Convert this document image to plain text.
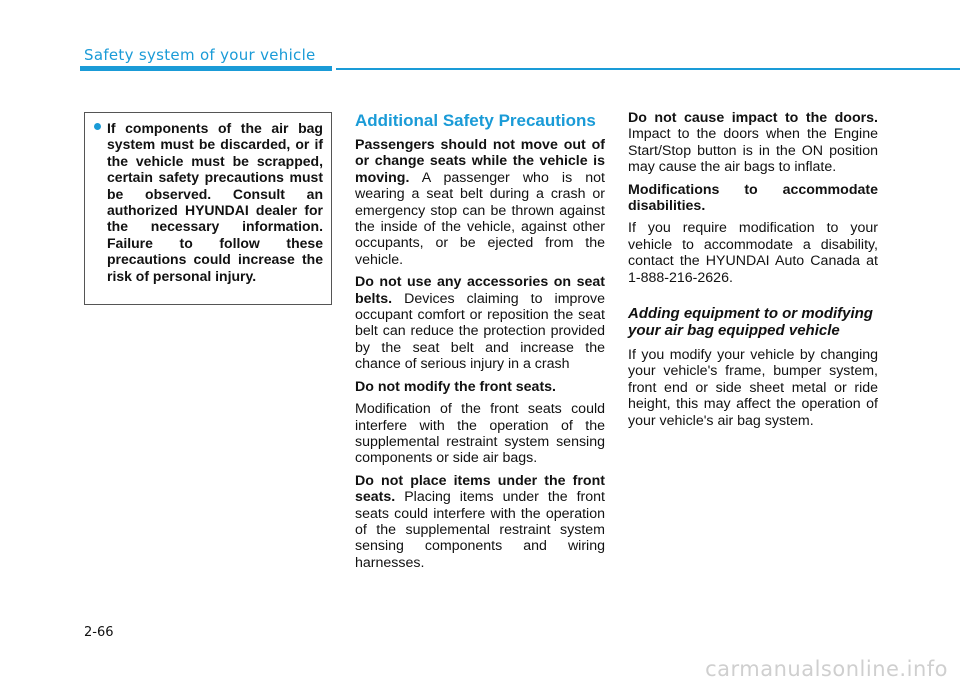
Safety system of your vehicle
If components of the air bag system must be discarded, or if the vehicle must be scrapped, certain safety precautions must be observed. Consult an authorized HYUNDAI dealer for the necessary information. Failure to follow these precautions could increase the risk of personal injury.
Additional Safety Precautions

Passengers should not move out of or change seats while the vehicle is moving. A passenger who is not wearing a seat belt during a crash or emergency stop can be thrown against the inside of the vehicle, against other occupants, or be ejected from the vehicle.

Do not use any accessories on seat belts. Devices claiming to improve occupant comfort or reposition the seat belt can reduce the protection provided by the seat belt and increase the chance of serious injury in a crash

Do not modify the front seats.

Modification of the front seats could interfere with the operation of the supplemental restraint system sensing components or side air bags.

Do not place items under the front seats. Placing items under the front seats could interfere with the operation of the supplemental restraint system sensing components and wiring harnesses.

Do not cause impact to the doors. Impact to the doors when the Engine Start/Stop button is in the ON position may cause the air bags to inflate.

Modifications to accommodate disabilities.

If you require modification to your vehicle to accommodate a disability, contact the HYUNDAI Auto Canada at 1-888-216-2626.

Adding equipment to or modifying your air bag equipped vehicle

If you modify your vehicle by changing your vehicle's frame, bumper system, front end or side sheet metal or ride height, this may affect the operation of your vehicle's air bag system.

2-66
carmanualsonline.info
